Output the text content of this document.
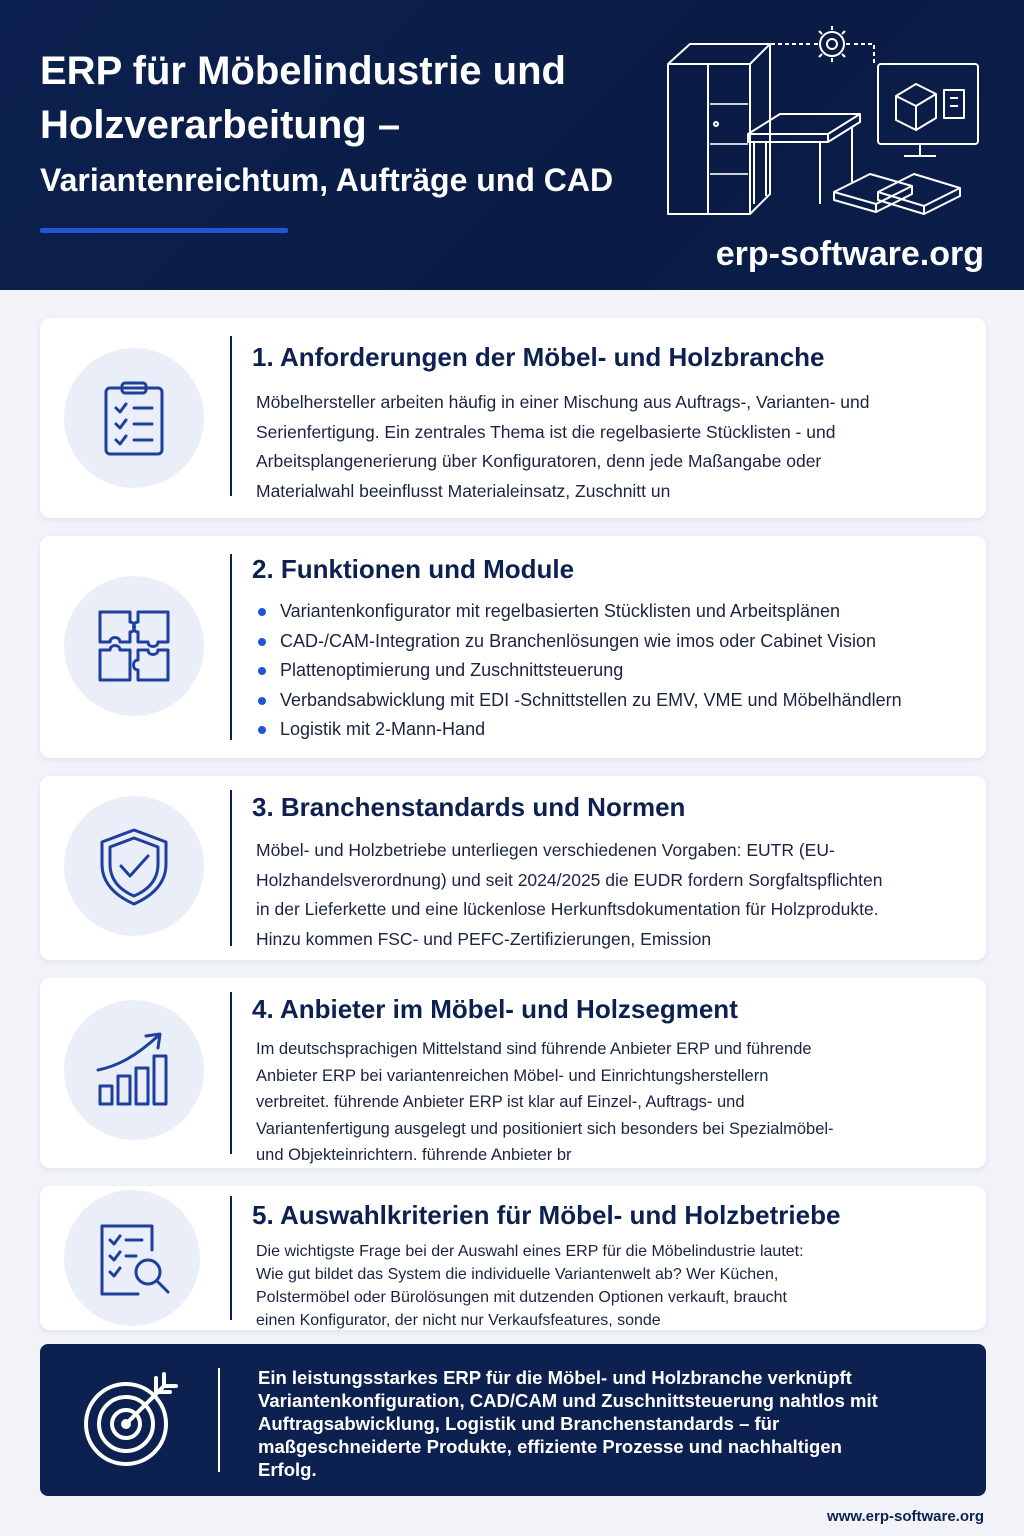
ERP für Möbelindustrie und Holzverarbeitung –
Variantenreichtum, Aufträge und CAD
erp-software.org
1. Anforderungen der Möbel- und Holzbranche
Möbelhersteller arbeiten häufig in einer Mischung aus Auftrags-, Varianten- und Serienfertigung. Ein zentrales Thema ist die regelbasierte Stücklisten - und Arbeitsplangenerierung über Konfiguratoren, denn jede Maßangabe oder Materialwahl beeinflusst Materialeinsatz, Zuschnitt un
2. Funktionen und Module
Variantenkonfigurator mit regelbasierten Stücklisten und Arbeitsplänen
CAD-/CAM-Integration zu Branchenlösungen wie imos oder Cabinet Vision
Plattenoptimierung und Zuschnittsteuerung
Verbandsabwicklung mit EDI -Schnittstellen zu EMV, VME und Möbelhändlern
Logistik mit 2-Mann-Hand
3. Branchenstandards und Normen
Möbel- und Holzbetriebe unterliegen verschiedenen Vorgaben: EUTR (EU-Holzhandelsverordnung) und seit 2024/2025 die EUDR fordern Sorgfaltspflichten in der Lieferkette und eine lückenlose Herkunftsdokumentation für Holzprodukte. Hinzu kommen FSC- und PEFC-Zertifizierungen, Emission
4. Anbieter im Möbel- und Holzsegment
Im deutschsprachigen Mittelstand sind führende Anbieter ERP und führende Anbieter ERP bei variantenreichen Möbel- und Einrichtungsherstellern verbreitet. führende Anbieter ERP ist klar auf Einzel-, Auftrags- und Variantenfertigung ausgelegt und positioniert sich besonders bei Spezialmöbel- und Objekteinrichtern. führende Anbieter br
5. Auswahlkriterien für Möbel- und Holzbetriebe
Die wichtigste Frage bei der Auswahl eines ERP für die Möbelindustrie lautet: Wie gut bildet das System die individuelle Variantenwelt ab? Wer Küchen, Polstermöbel oder Bürolösungen mit dutzenden Optionen verkauft, braucht einen Konfigurator, der nicht nur Verkaufsfeatures, sonde
Ein leistungsstarkes ERP für die Möbel- und Holzbranche verknüpft Variantenkonfiguration, CAD/CAM und Zuschnittsteuerung nahtlos mit Auftragsabwicklung, Logistik und Branchenstandards – für maßgeschneiderte Produkte, effiziente Prozesse und nachhaltigen Erfolg.
www.erp-software.org
